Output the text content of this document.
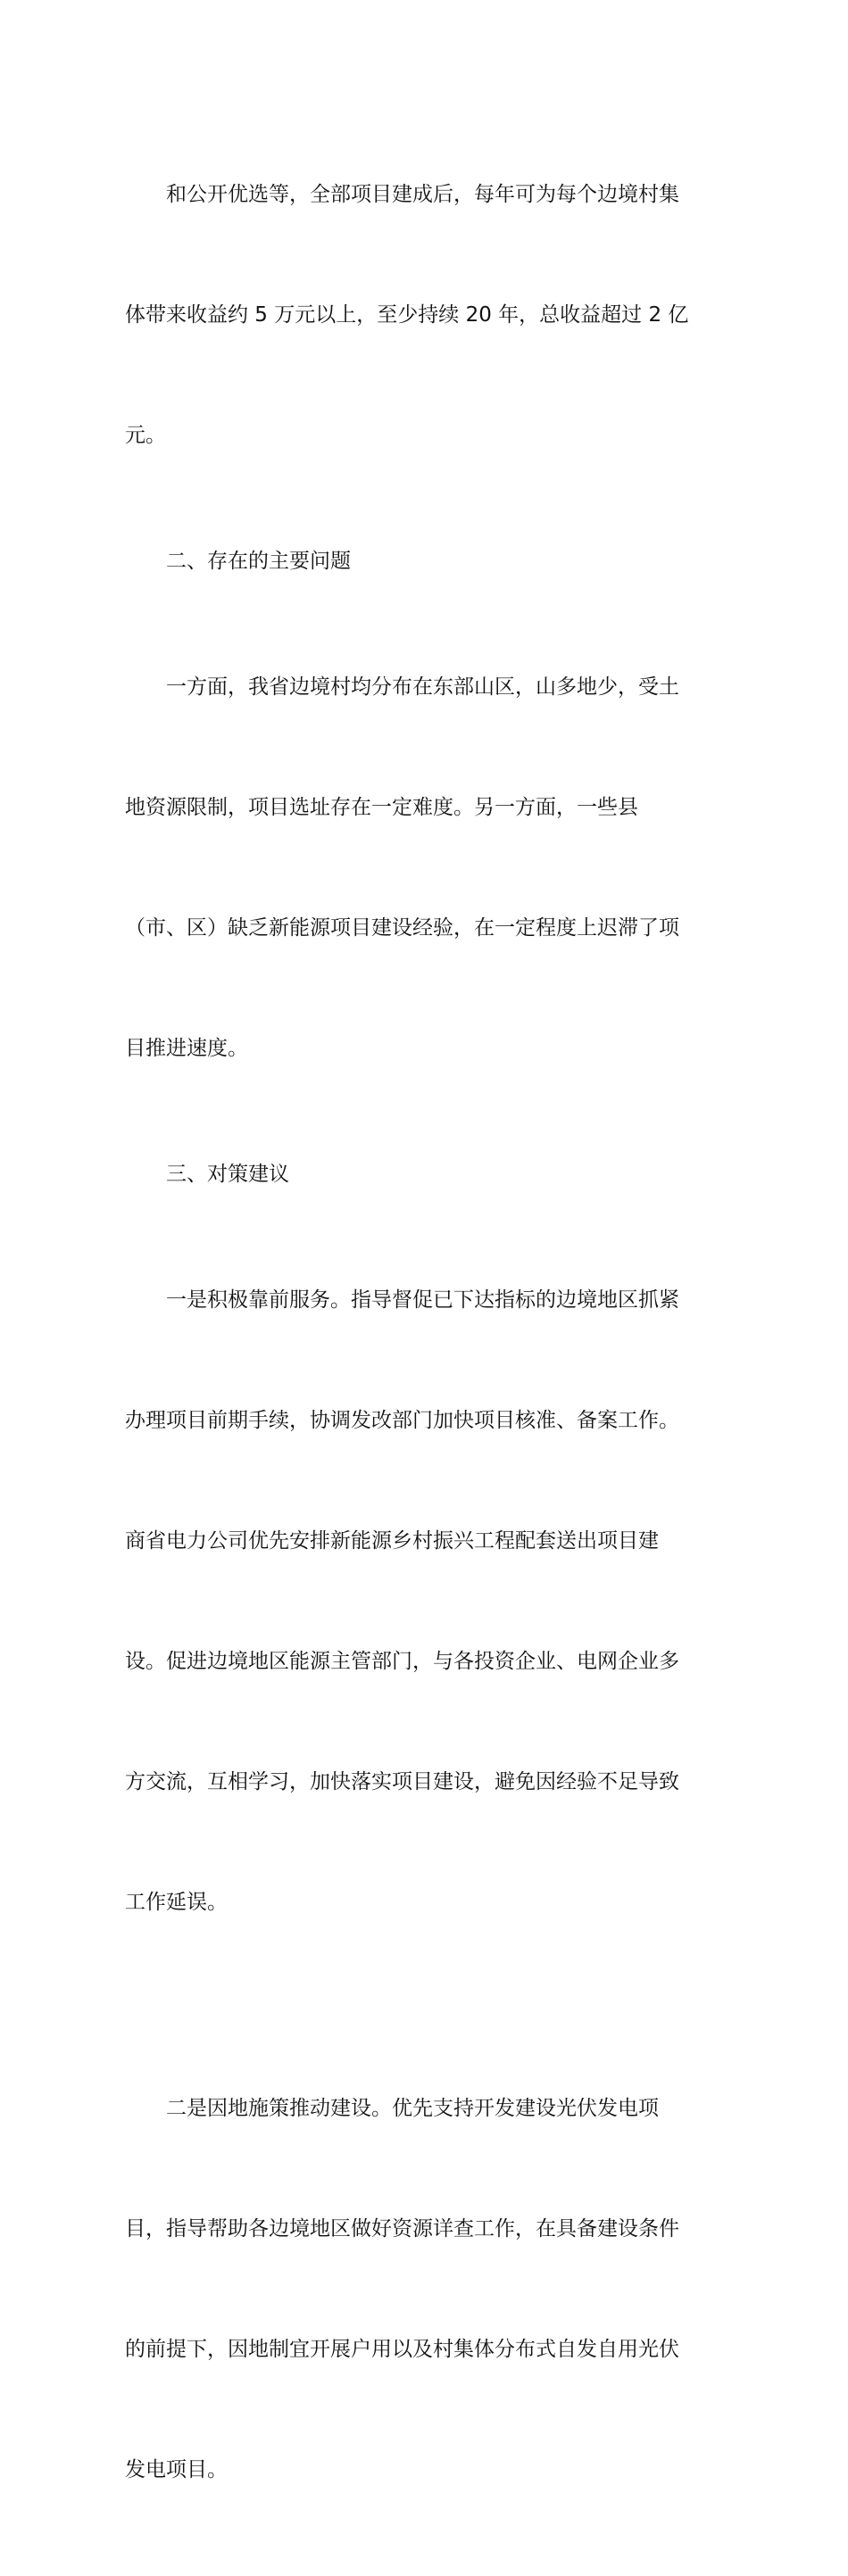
和公开优选等，全部项目建成后，每年可为每个边境村集

体带来收益约 5 万元以上，至少持续 20 年，总收益超过 2 亿

元。

二、存在的主要问题

一方面，我省边境村均分布在东部山区，山多地少，受土

地资源限制，项目选址存在一定难度。另一方面，一些县

（市、区）缺乏新能源项目建设经验，在一定程度上迟滞了项

目推进速度。

三、对策建议

一是积极靠前服务。指导督促已下达指标的边境地区抓紧

办理项目前期手续，协调发改部门加快项目核准、备案工作。

商省电力公司优先安排新能源乡村振兴工程配套送出项目建

设。促进边境地区能源主管部门，与各投资企业、电网企业多

方交流，互相学习，加快落实项目建设，避免因经验不足导致

工作延误。

二是因地施策推动建设。优先支持开发建设光伏发电项

目，指导帮助各边境地区做好资源详查工作，在具备建设条件

的前提下，因地制宜开展户用以及村集体分布式自发自用光伏

发电项目。
